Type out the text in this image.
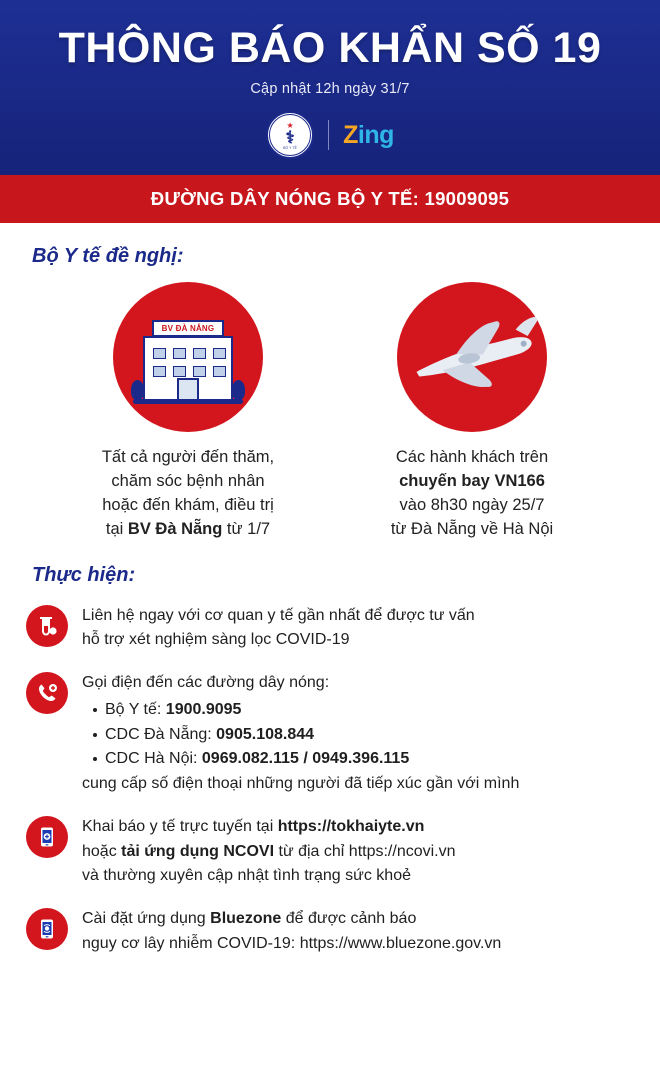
THÔNG BÁO KHẨN SỐ 19
Cập nhật 12h ngày 31/7
★
⚕
BỘ Y TẾ Zing
ĐƯỜNG DÂY NÓNG BỘ Y TẾ: 19009095
Bộ Y tế đề nghị:
BV ĐÀ NẴNG
Tất cả người đến thăm,
chăm sóc bệnh nhân
hoặc đến khám, điều trị
tại BV Đà Nẵng từ 1/7
Các hành khách trên
chuyến bay VN166
vào 8h30 ngày 25/7
từ Đà Nẵng về Hà Nội
Thực hiện:
Liên hệ ngay với cơ quan y tế gần nhất để được tư vấn
hỗ trợ xét nghiệm sàng lọc COVID-19
Gọi điện đến các đường dây nóng:
Bộ Y tế: 1900.9095
CDC Đà Nẵng: 0905.108.844
CDC Hà Nội: 0969.082.115 / 0949.396.115
cung cấp số điện thoại những người đã tiếp xúc gần với mình
Khai báo y tế trực tuyến tại https://tokhaiyte.vn
hoặc tải ứng dụng NCOVI từ địa chỉ https://ncovi.vn
và thường xuyên cập nhật tình trạng sức khoẻ
Cài đặt ứng dụng Bluezone để được cảnh báo
nguy cơ lây nhiễm COVID-19: https://www.bluezone.gov.vn
